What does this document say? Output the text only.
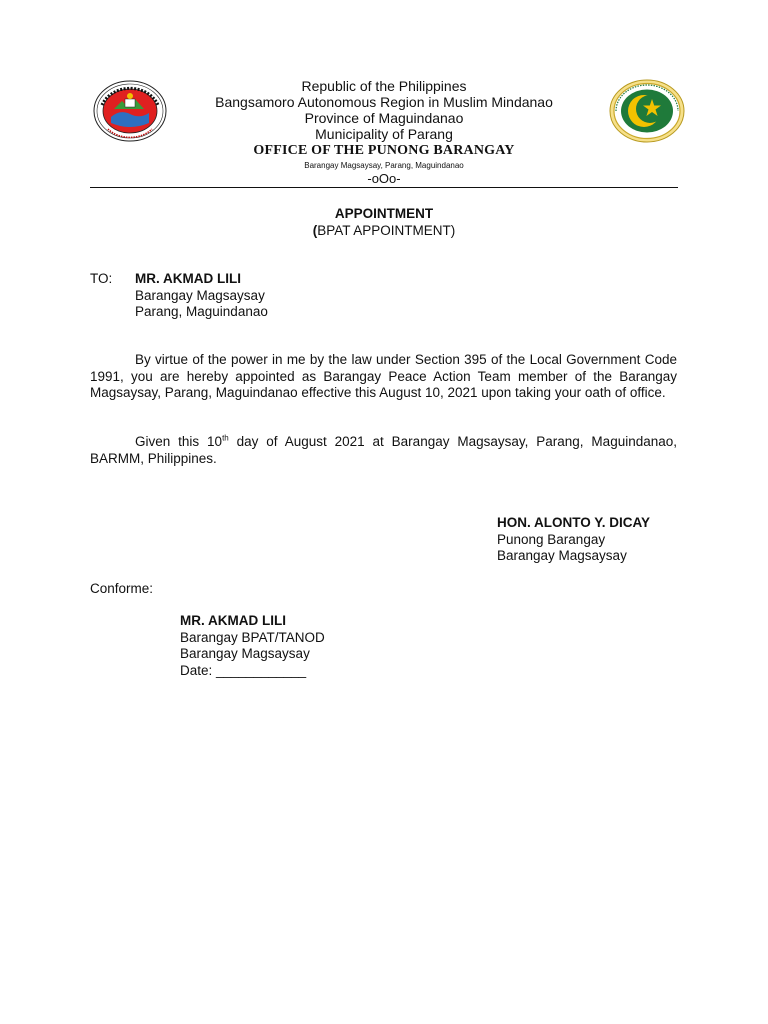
Republic of the Philippines
Bangsamoro Autonomous Region in Muslim Mindanao
Province of Maguindanao
Municipality of Parang
OFFICE OF THE PUNONG BARANGAY
Barangay Magsaysay, Parang, Maguindanao
-oOo-
APPOINTMENT
(BPAT APPOINTMENT)
TO: MR. AKMAD LILI
Barangay Magsaysay
Parang, Maguindanao
By virtue of the power in me by the law under Section 395 of the Local Government Code 1991, you are hereby appointed as Barangay Peace Action Team member of the Barangay Magsaysay, Parang, Maguindanao effective this August 10, 2021 upon taking your oath of office.
Given this 10th day of August 2021 at Barangay Magsaysay, Parang, Maguindanao, BARMM, Philippines.
HON. ALONTO Y. DICAY
Punong Barangay
Barangay Magsaysay
Conforme:
MR. AKMAD LILI
Barangay BPAT/TANOD
Barangay Magsaysay
Date: ____________
